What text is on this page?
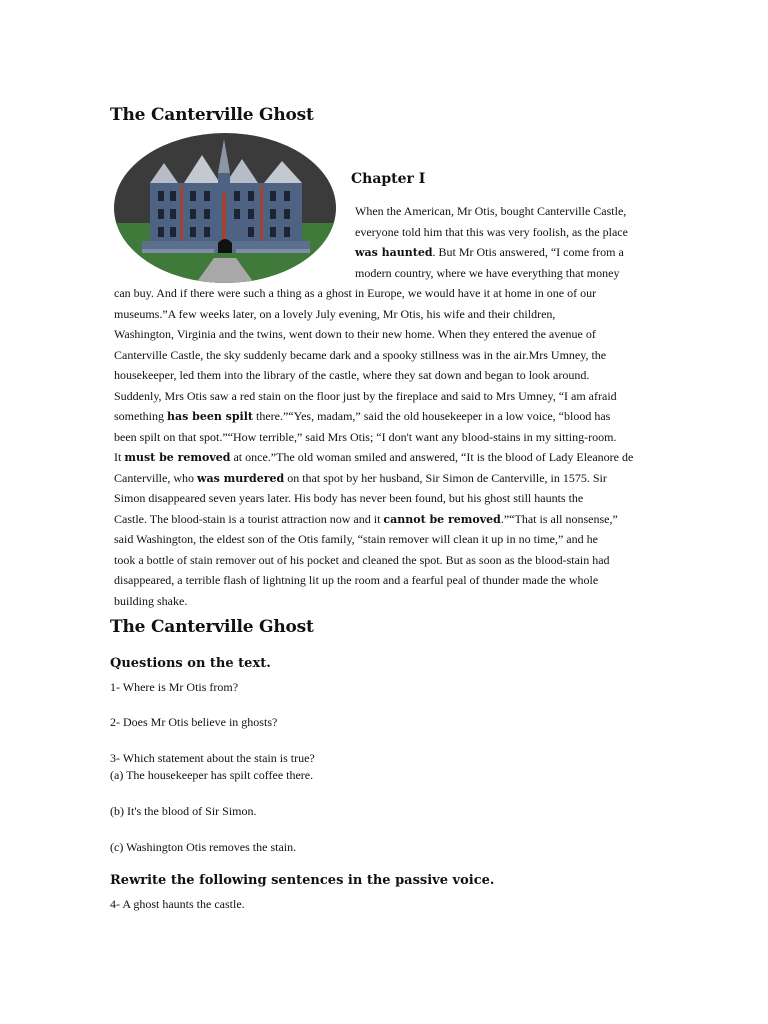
The Canterville Ghost
Chapter I
When the American, Mr Otis, bought Canterville Castle,
everyone told him that this was very foolish, as the place
was haunted. But Mr Otis answered, “I come from a
modern country, where we have everything that money
can buy. And if there were such a thing as a ghost in Europe, we would have it at home in one of our
museums.”A few weeks later, on a lovely July evening, Mr Otis, his wife and their children,
Washington, Virginia and the twins, went down to their new home. When they entered the avenue of
Canterville Castle, the sky suddenly became dark and a spooky stillness was in the air.Mrs Umney, the
housekeeper, led them into the library of the castle, where they sat down and began to look around.
Suddenly, Mrs Otis saw a red stain on the floor just by the fireplace and said to Mrs Umney, “I am afraid
something has been spilt there.”“Yes, madam,” said the old housekeeper in a low voice, “blood has
been spilt on that spot.”“How terrible,” said Mrs Otis; “I don't want any blood-stains in my sitting-room.
It must be removed at once.”The old woman smiled and answered, “It is the blood of Lady Eleanore de
Canterville, who was murdered on that spot by her husband, Sir Simon de Canterville, in 1575. Sir
Simon disappeared seven years later. His body has never been found, but his ghost still haunts the
Castle. The blood-stain is a tourist attraction now and it cannot be removed.”“That is all nonsense,”
said Washington, the eldest son of the Otis family, “stain remover will clean it up in no time,” and he
took a bottle of stain remover out of his pocket and cleaned the spot. But as soon as the blood-stain had
disappeared, a terrible flash of lightning lit up the room and a fearful peal of thunder made the whole
building shake.
The Canterville Ghost
Questions on the text.
1- Where is Mr Otis from?
2- Does Mr Otis believe in ghosts?
3- Which statement about the stain is true?
(a) The housekeeper has spilt coffee there.
(b) It's the blood of Sir Simon.
(c) Washington Otis removes the stain.
Rewrite the following sentences in the passive voice.
4- A ghost haunts the castle.
